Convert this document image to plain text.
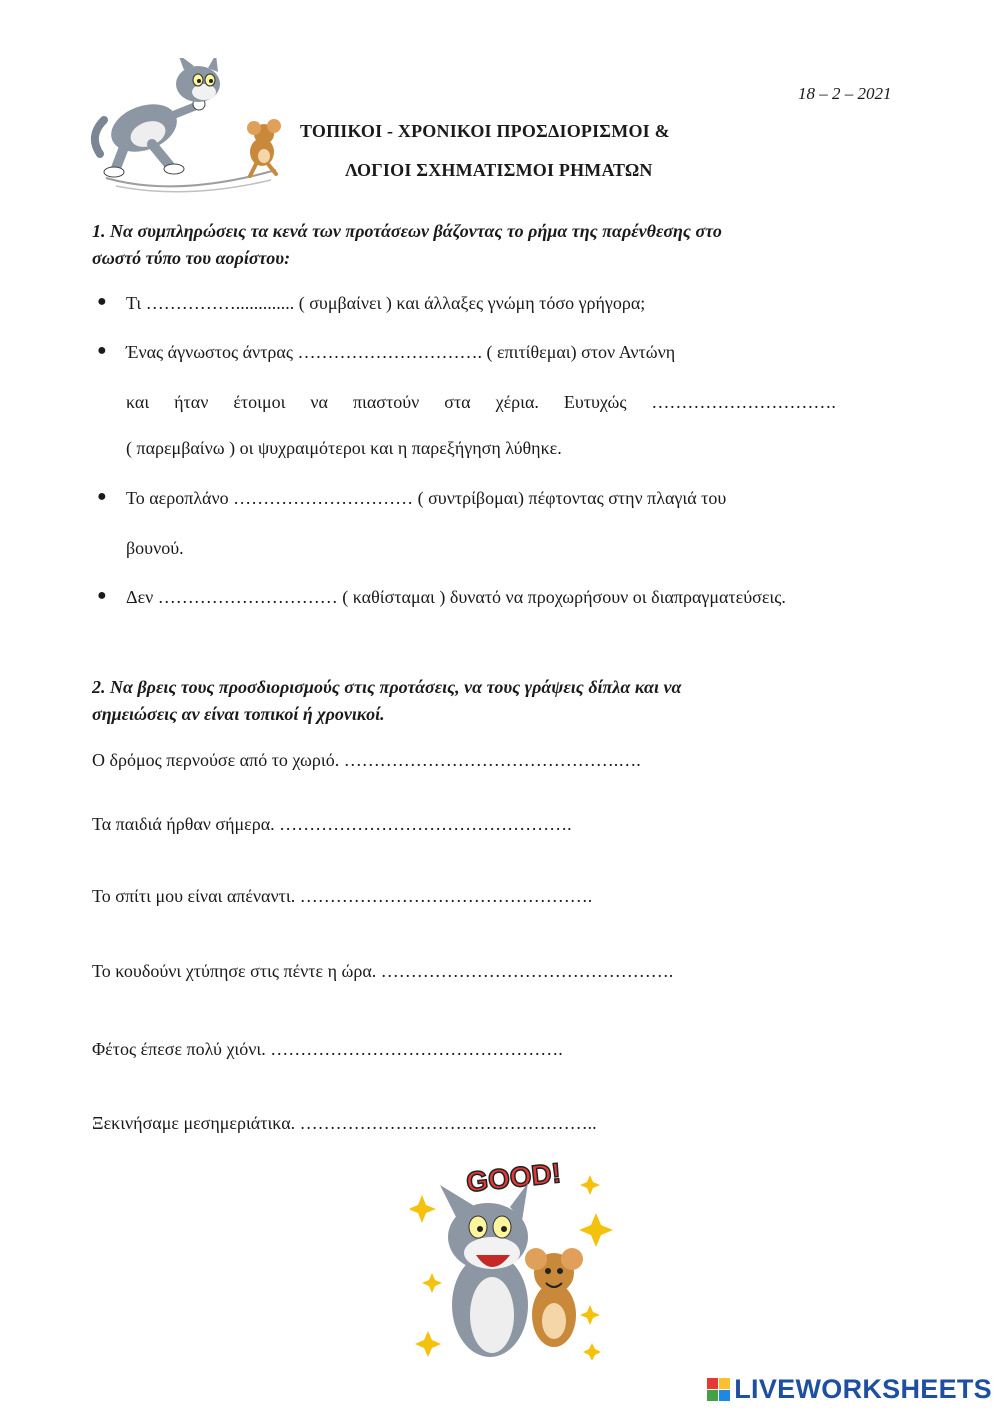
18 – 2 – 2021
ΤΟΠΙΚΟΙ - ΧΡΟΝΙΚΟΙ ΠΡΟΣΔΙΟΡΙΣΜΟΙ &
ΛΟΓΙΟΙ ΣΧΗΜΑΤΙΣΜΟΙ ΡΗΜΑΤΩΝ
1. Να συμπληρώσεις τα κενά των προτάσεων βάζοντας το ρήμα της παρένθεσης στο
σωστό τύπο του αορίστου:
● Τι ……………............. ( συμβαίνει ) και άλλαξες γνώμη τόσο γρήγορα;
● Ένας άγνωστος άντρας …………………………. ( επιτίθεμαι) στον Αντώνη
και ήταν έτοιμοι να πιαστούν στα χέρια. Ευτυχώς ………………………….
( παρεμβαίνω ) οι ψυχραιμότεροι και η παρεξήγηση λύθηκε.
● Το αεροπλάνο ………………………… ( συντρίβομαι) πέφτοντας στην πλαγιά του
βουνού.
● Δεν ………………………… ( καθίσταμαι ) δυνατό να προχωρήσουν οι διαπραγματεύσεις.
2. Να βρεις τους προσδιορισμούς στις προτάσεις, να τους γράψεις δίπλα και να
σημειώσεις αν είναι τοπικοί ή χρονικοί.
Ο δρόμος περνούσε από το χωριό. ……………………………………….….
Τα παιδιά ήρθαν σήμερα. ………………………………………….
Το σπίτι μου είναι απέναντι. ………………………………………….
Το κουδούνι χτύπησε στις πέντε η ώρα. ………………………………………….
Φέτος έπεσε πολύ χιόνι. ………………………………………….
Ξεκινήσαμε μεσημεριάτικα. …………………………………………..
GOOD!
LIVEWORKSHEETS
